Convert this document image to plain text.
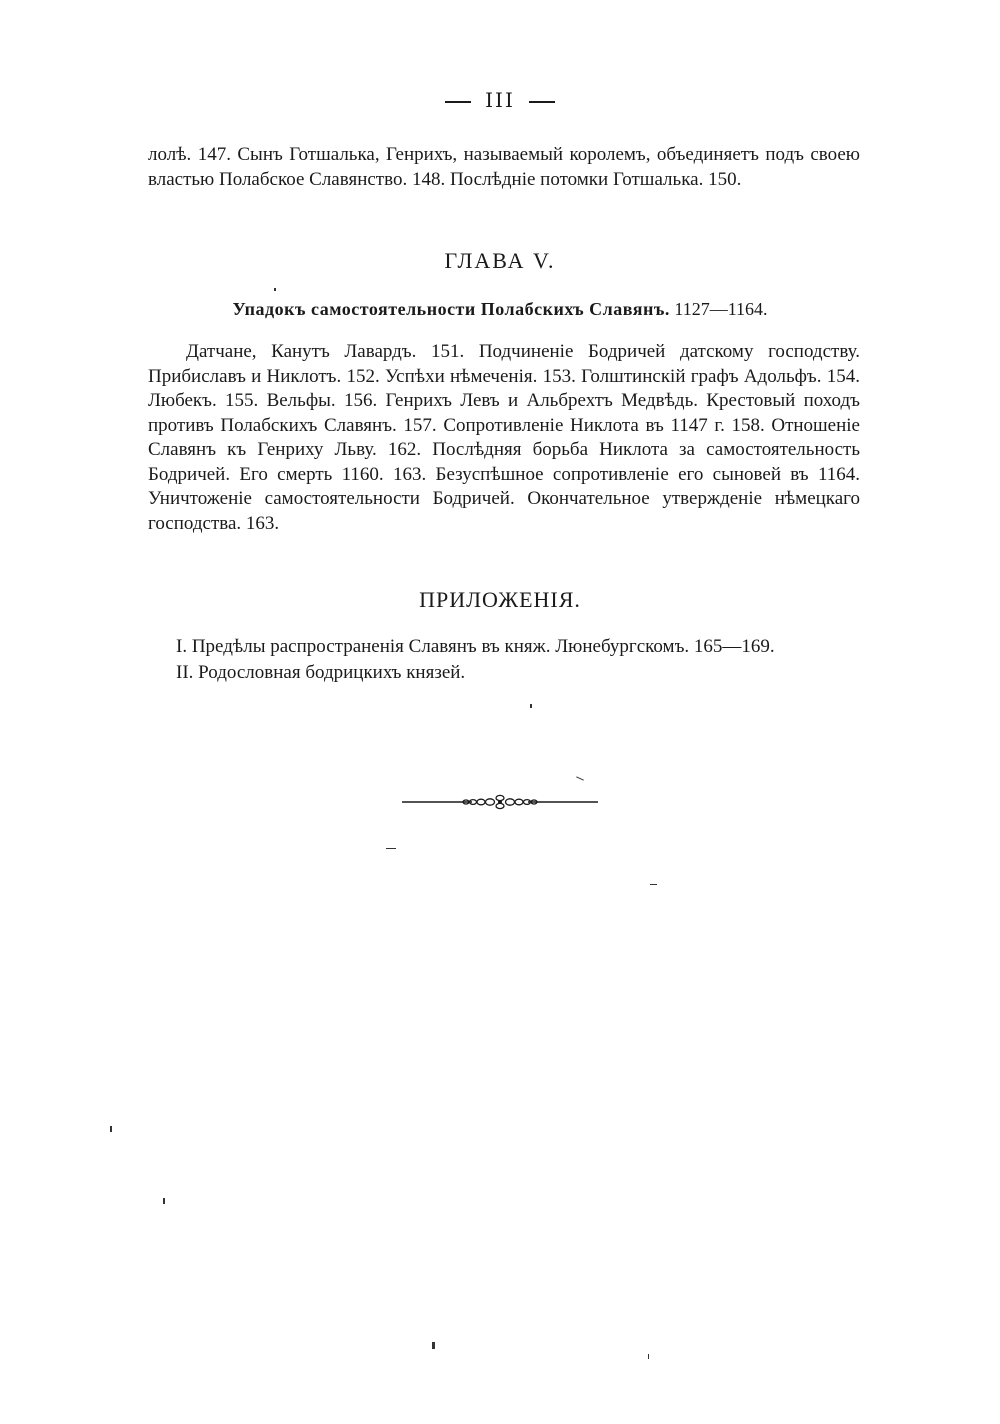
III

лолѣ. 147. Сынъ Готшалька, Генрихъ, называемый королемъ, объединяетъ подъ своею властью Полабское Славянство. 148. Послѣдніе потомки Готшалька. 150.

ГЛАВА V.
Упадокъ самостоятельности Полабскихъ Славянъ. 1127—1164.

Датчане, Канутъ Лавардъ. 151. Подчиненіе Бодричей датскому господству. Прибиславъ и Никлотъ. 152. Успѣхи нѣмеченія. 153. Голштинскій графъ Адольфъ. 154. Любекъ. 155. Вельфы. 156. Генрихъ Левъ и Альбрехтъ Медвѣдь. Крестовый походъ противъ Полабскихъ Славянъ. 157. Сопротивленіе Никлота въ 1147 г. 158. Отношеніе Славянъ къ Генриху Льву. 162. Послѣдняя борьба Никлота за самостоятельность Бодричей. Его смерть 1160. 163. Безуспѣшное сопротивленіе его сыновей въ 1164. Уничтоженіе самостоятельности Бодричей. Окончательное утвержденіе нѣмецкаго господства. 163.

ПРИЛОЖЕНІЯ.
I. Предѣлы распространенія Славянъ въ княж. Люнебургскомъ. 165—169.
II. Родословная бодрицкихъ князей.
